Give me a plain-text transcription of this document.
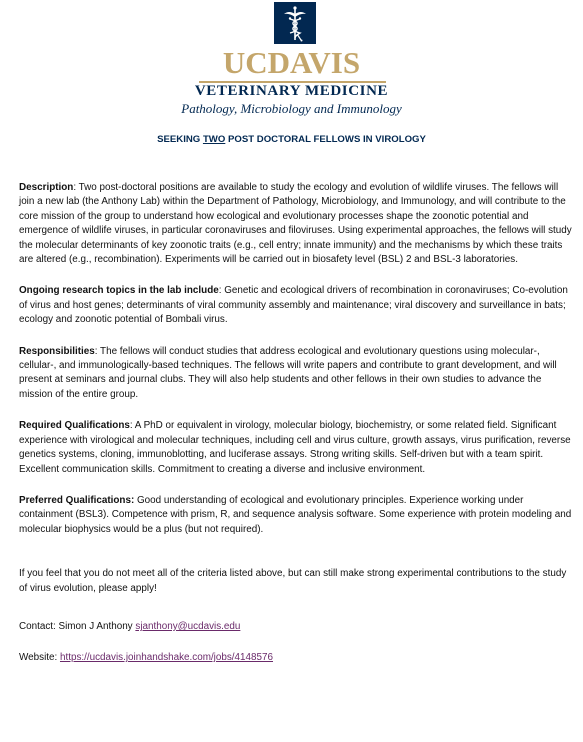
UCDAVIS
VETERINARY MEDICINE
Pathology, Microbiology and Immunology
SEEKING TWO POST DOCTORAL FELLOWS IN VIROLOGY

Description: Two post-doctoral positions are available to study the ecology and evolution of wildlife viruses. The fellows will join a new lab (the Anthony Lab) within the Department of Pathology, Microbiology, and Immunology, and will contribute to the core mission of the group to understand how ecological and evolutionary processes shape the zoonotic potential and emergence of wildlife viruses, in particular coronaviruses and filoviruses. Using experimental approaches, the fellows will study the molecular determinants of key zoonotic traits (e.g., cell entry; innate immunity) and the mechanisms by which these traits are altered (e.g., recombination). Experiments will be carried out in biosafety level (BSL) 2 and BSL-3 laboratories.

Ongoing research topics in the lab include: Genetic and ecological drivers of recombination in coronaviruses; Co-evolution of virus and host genes; determinants of viral community assembly and maintenance; viral discovery and surveillance in bats; ecology and zoonotic potential of Bombali virus.

Responsibilities: The fellows will conduct studies that address ecological and evolutionary questions using molecular-, cellular-, and immunologically-based techniques. The fellows will write papers and contribute to grant development, and will present at seminars and journal clubs. They will also help students and other fellows in their own studies to advance the mission of the entire group.

Required Qualifications: A PhD or equivalent in virology, molecular biology, biochemistry, or some related field. Significant experience with virological and molecular techniques, including cell and virus culture, growth assays, virus purification, reverse genetics systems, cloning, immunoblotting, and luciferase assays. Strong writing skills. Self-driven but with a team spirit. Excellent communication skills. Commitment to creating a diverse and inclusive environment.

Preferred Qualifications: Good understanding of ecological and evolutionary principles. Experience working under containment (BSL3). Competence with prism, R, and sequence analysis software. Some experience with protein modeling and molecular biophysics would be a plus (but not required).

If you feel that you do not meet all of the criteria listed above, but can still make strong experimental contributions to the study of virus evolution, please apply!

Contact: Simon J Anthony sjanthony@ucdavis.edu

Website: https://ucdavis.joinhandshake.com/jobs/4148576
